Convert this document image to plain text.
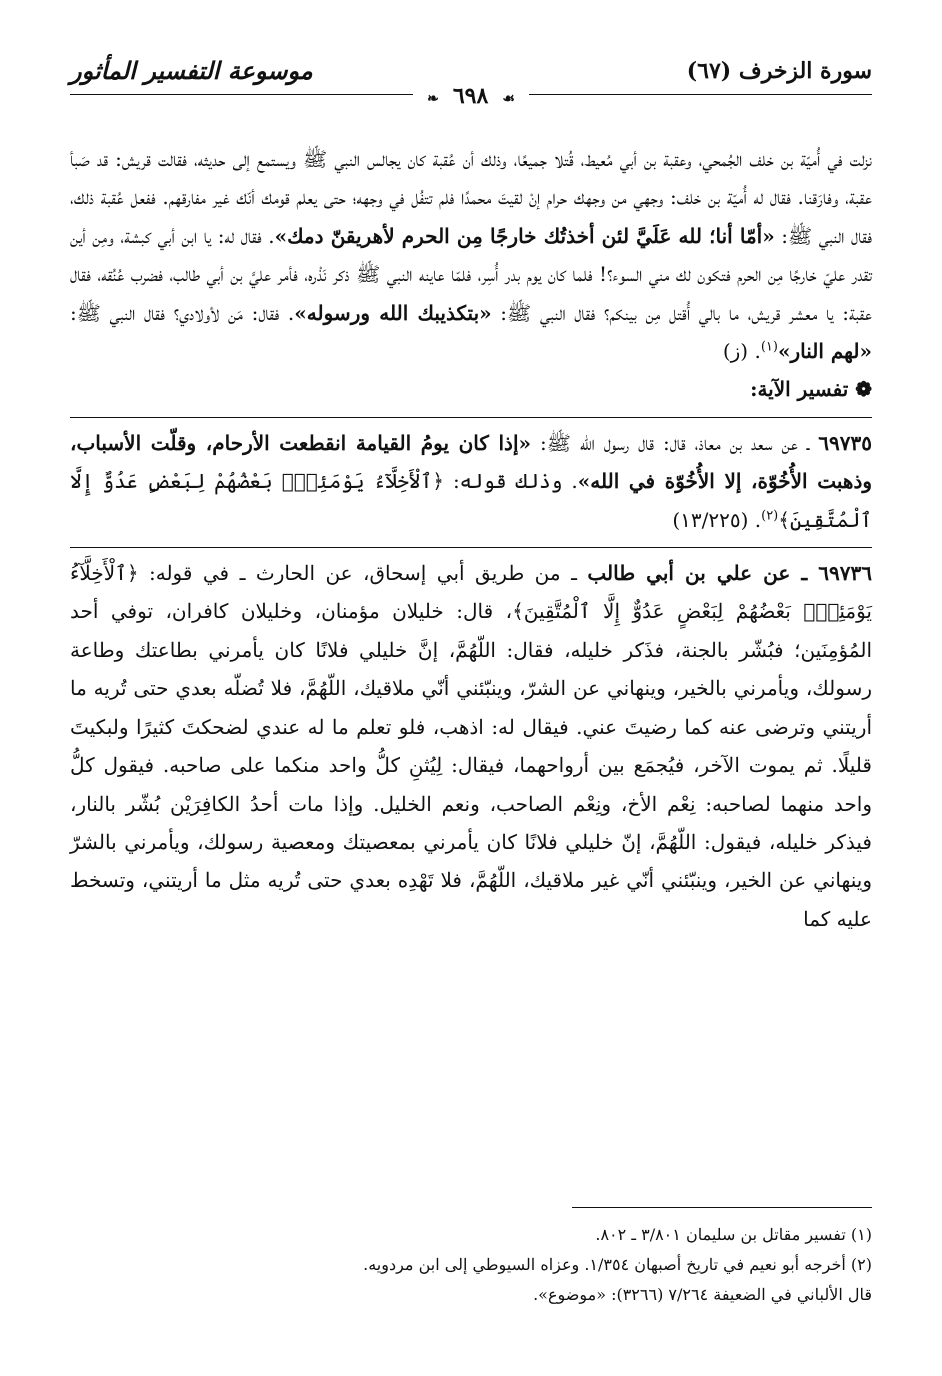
سورة الزخرف (٦٧)
موسوعة التفسير المأثور
❧ ٦٩٨ ☙

نزلت في أُميّة بن خلف الجُمحي، وعقبة بن أبي مُعيط، قُتلا جميعًا، وذلك أن عُقبة كان يجالس النبي ﷺ ويستمع إلى حديثه، فقالت قريش: قد صَبأ عقبة، وفارَقنا. فقال له أُميّة بن خلف: وجهي من وجهك حرام إنْ لقيتَ محمدًا فلم تتفُل في وجهه؛ حتى يعلم قومك أنّك غير مفارقهم. ففعل عُقبة ذلك، فقال النبي ﷺ: «أمّا أنا؛ لله عَلَيَّ لئن أخذتُك خارجًا مِن الحرم لأهريقنّ دمك». فقال له: يا ابن أبي كبشة، ومِن أين تقدر عليّ خارجًا مِن الحرم فتكون لك مني السوء؟! فلما كان يوم بدر أُسِر، فلمّا عاينه النبي ﷺ ذكر نَذْره، فأمر عليَّ بن أبي طالب، فضرب عُنُقه، فقال عقبة: يا معشر قريش، ما بالي أُقتل مِن بينكم؟ فقال النبي ﷺ: «بتكذيبك الله ورسوله». فقال: مَن لأولادي؟ فقال النبي ﷺ: «لهم النار»$^{(١)}$. (ز)

❁ تفسير الآية:

٦٩٧٣٥ ـ عن سعد بن معاذ، قال: قال رسول الله ﷺ: «إذا كان يومُ القيامة انقطعت الأرحام، وقلّت الأسباب، وذهبت الأُخُوّة، إلا الأُخُوّة في الله». وذلك قوله: ﴿ٱلْأَخِلَّآءُ يَوْمَئِذِۭ بَعْضُهُمْ لِبَعْضٍ عَدُوٌّ إِلَّا ٱلْمُتَّقِينَ﴾$^{(٢)}$. (١٣/٢٢٥)

٦٩٧٣٦ ـ عن علي بن أبي طالب ـ من طريق أبي إسحاق، عن الحارث ـ في قوله: ﴿ٱلْأَخِلَّآءُ يَوْمَئِذِۭ بَعْضُهُمْ لِبَعْضٍ عَدُوٌّ إِلَّا ٱلْمُتَّقِينَ﴾، قال: خليلان مؤمنان، وخليلان كافران، توفي أحد المُؤمِنَين؛ فبُشّر بالجنة، فذَكر خليله، فقال: اللّهُمَّ، إنَّ خليلي فلانًا كان يأمرني بطاعتك وطاعة رسولك، ويأمرني بالخير، وينهاني عن الشرّ، وينبّئني أنّي ملاقيك، اللّهُمَّ، فلا تُضلّه بعدي حتى تُريه ما أريتني وترضى عنه كما رضيتَ عني. فيقال له: اذهب، فلو تعلم ما له عندي لضحكتَ كثيرًا ولبكيتَ قليلًا. ثم يموت الآخر، فيُجمَع بين أرواحهما، فيقال: لِيُثنِ كلُّ واحد منكما على صاحبه. فيقول كلُّ واحد منهما لصاحبه: نِعْم الأخ، ونِعْم الصاحب، ونعم الخليل. وإذا مات أحدُ الكافِرَيْن بُشّر بالنار، فيذكر خليله، فيقول: اللّهُمَّ، إنّ خليلي فلانًا كان يأمرني بمعصيتك ومعصية رسولك، ويأمرني بالشرّ وينهاني عن الخير، وينبّئني أنّي غير ملاقيك، اللّهُمَّ، فلا تَهْدِه بعدي حتى تُريه مثل ما أريتني، وتسخط عليه كما

(١) تفسير مقاتل بن سليمان ٣/٨٠١ ـ ٨٠٢.

(٢) أخرجه أبو نعيم في تاريخ أصبهان ١/٣٥٤. وعزاه السيوطي إلى ابن مردويه.

قال الألباني في الضعيفة ٧/٢٦٤ (٣٢٦٦): «موضوع».
